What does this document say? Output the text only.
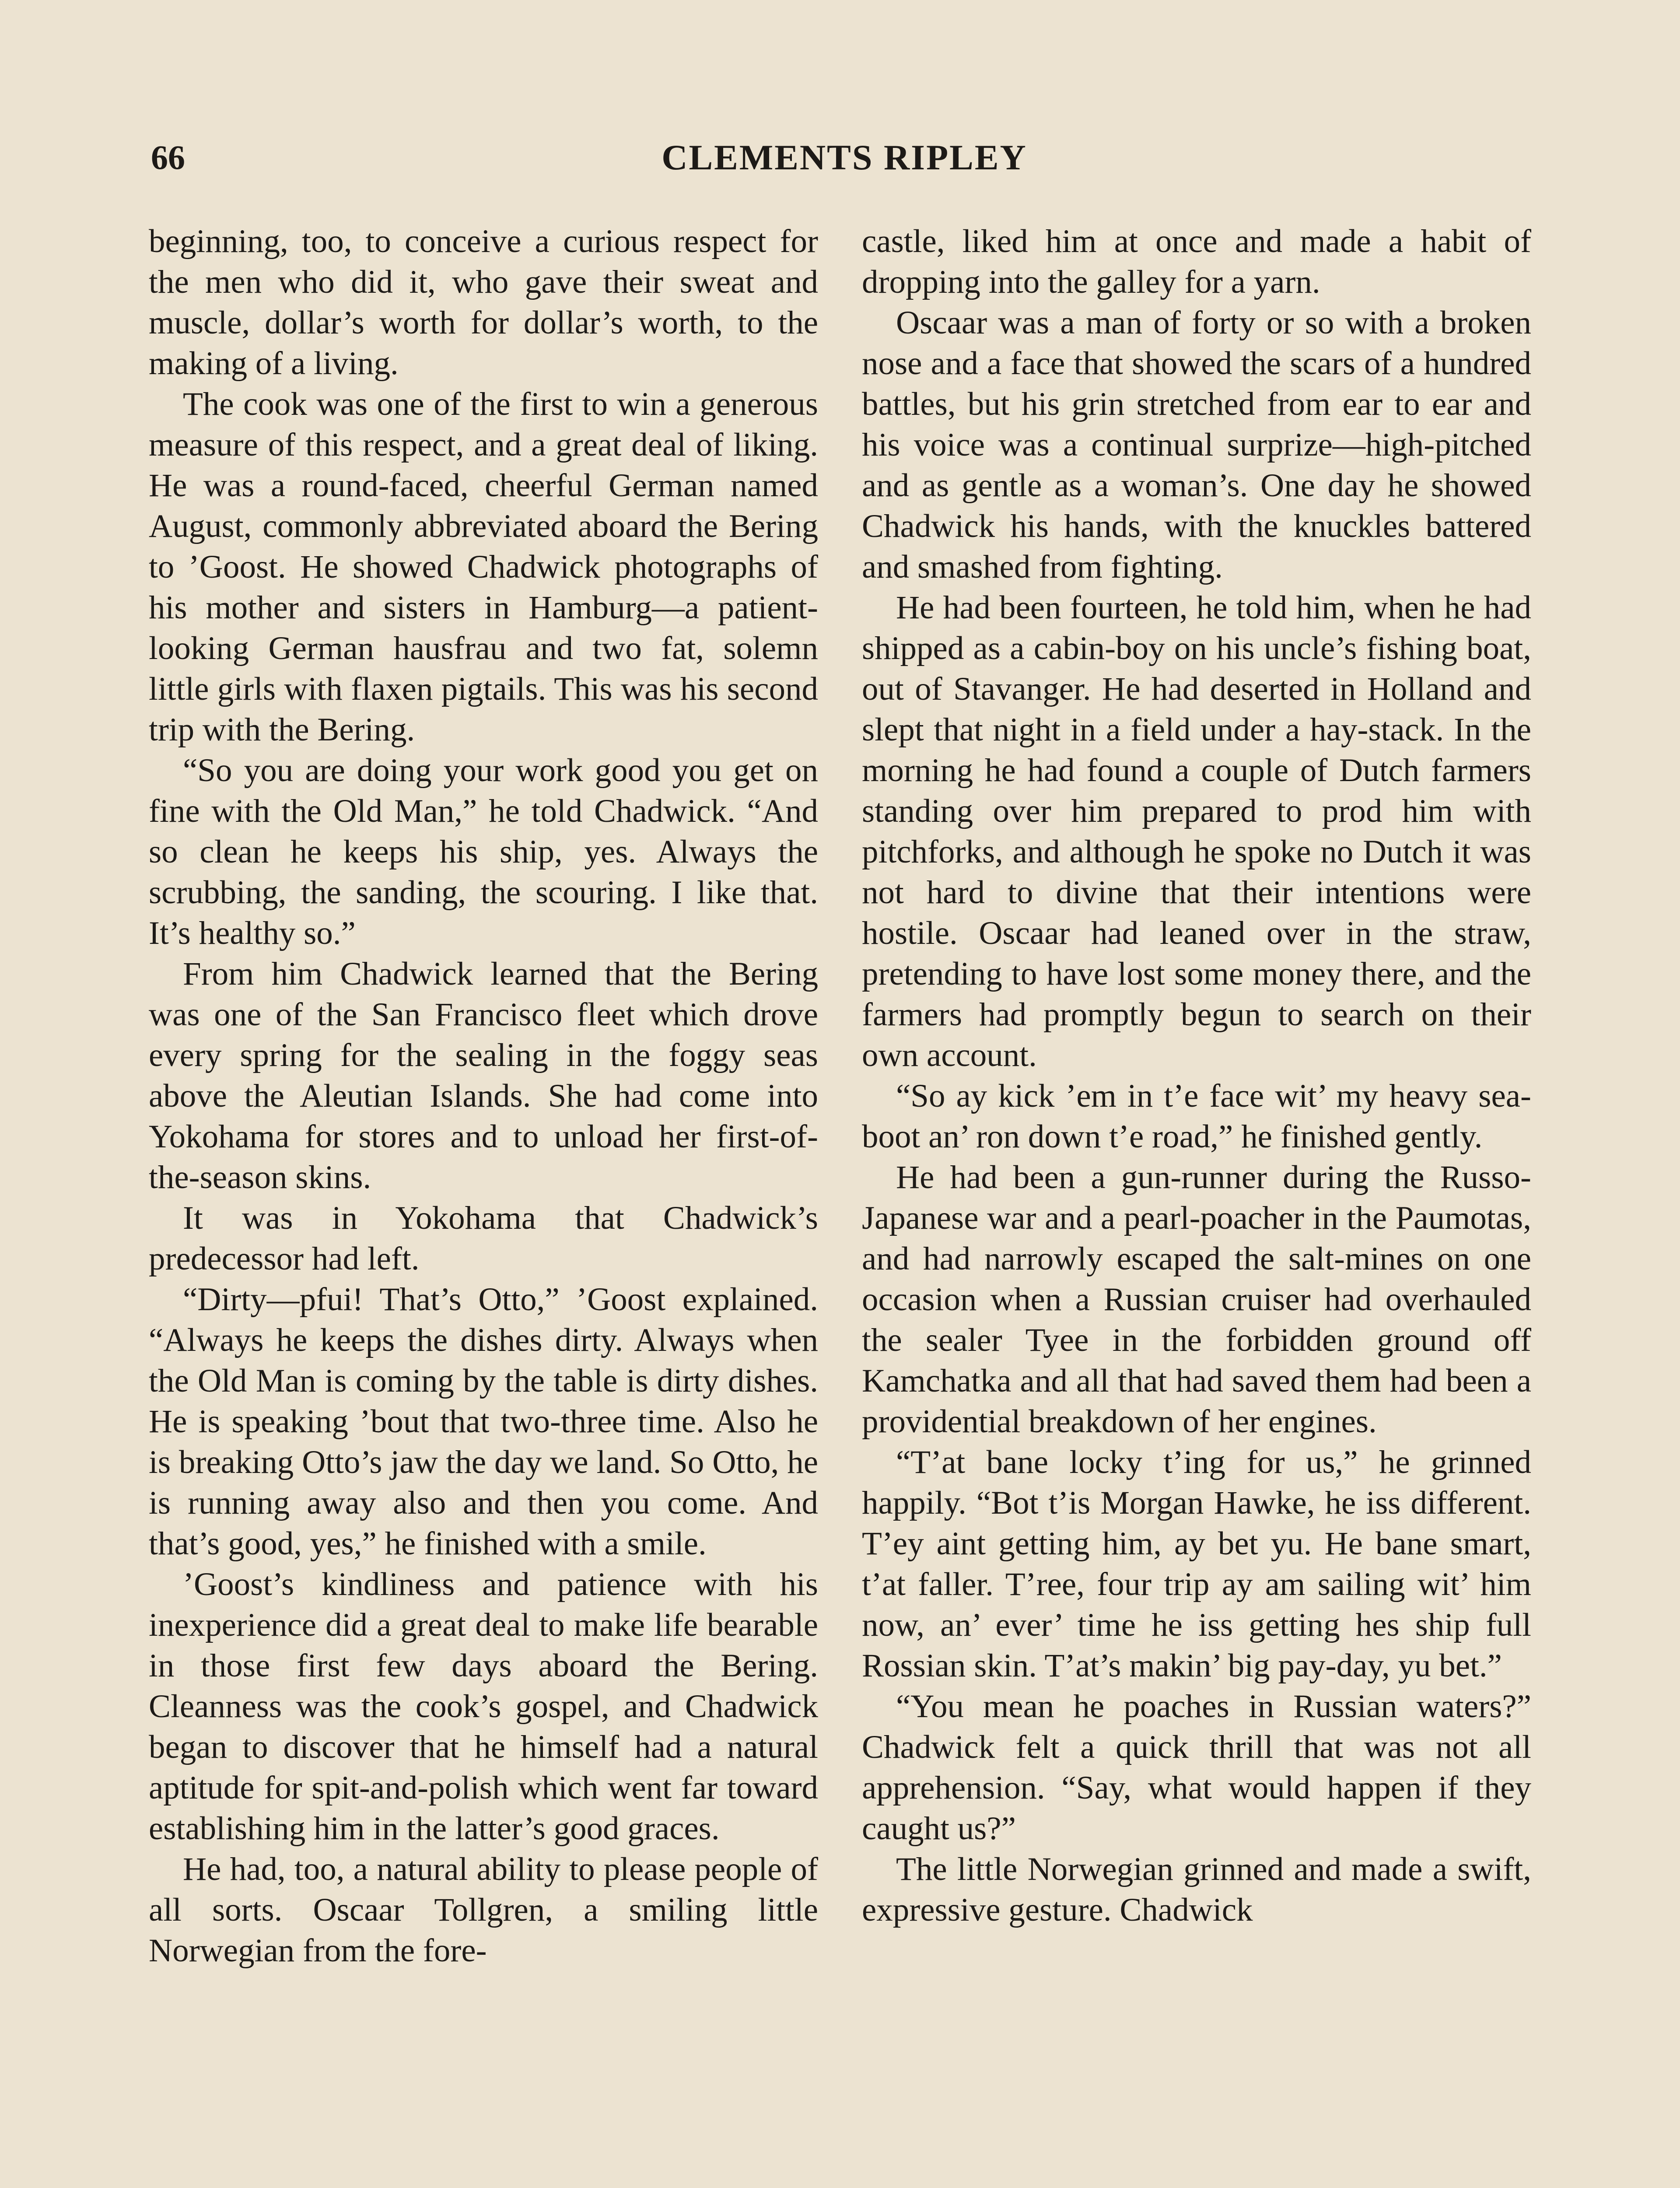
66	CLEMENTS RIPLEY

beginning, too, to conceive a curious respect for the men who did it, who gave their sweat and muscle, dollar’s worth for dollar’s worth, to the making of a living.

The cook was one of the first to win a generous measure of this respect, and a great deal of liking. He was a round-faced, cheerful German named August, commonly abbreviated aboard the Bering to ’Goost. He showed Chadwick photographs of his mother and sisters in Hamburg—a patient-looking German hausfrau and two fat, solemn little girls with flaxen pigtails. This was his second trip with the Bering.

“So you are doing your work good you get on fine with the Old Man,” he told Chadwick. “And so clean he keeps his ship, yes. Always the scrubbing, the sanding, the scouring. I like that. It’s healthy so.”

From him Chadwick learned that the Bering was one of the San Francisco fleet which drove every spring for the sealing in the foggy seas above the Aleutian Islands. She had come into Yokohama for stores and to unload her first-of-the-season skins.

It was in Yokohama that Chadwick’s predecessor had left.

“Dirty—pfui! That’s Otto,” ’Goost explained. “Always he keeps the dishes dirty. Always when the Old Man is coming by the table is dirty dishes. He is speaking ’bout that two-three time. Also he is breaking Otto’s jaw the day we land. So Otto, he is running away also and then you come. And that’s good, yes,” he finished with a smile.

’Goost’s kindliness and patience with his inexperience did a great deal to make life bearable in those first few days aboard the Bering. Cleanness was the cook’s gospel, and Chadwick began to discover that he himself had a natural aptitude for spit-and-polish which went far toward establishing him in the latter’s good graces.

He had, too, a natural ability to please people of all sorts. Oscaar Tollgren, a smiling little Norwegian from the fore-

castle, liked him at once and made a habit of dropping into the galley for a yarn.

Oscaar was a man of forty or so with a broken nose and a face that showed the scars of a hundred battles, but his grin stretched from ear to ear and his voice was a continual surprize—high-pitched and as gentle as a woman’s. One day he showed Chadwick his hands, with the knuckles battered and smashed from fighting.

He had been fourteen, he told him, when he had shipped as a cabin-boy on his uncle’s fishing boat, out of Stavanger. He had deserted in Holland and slept that night in a field under a hay-stack. In the morning he had found a couple of Dutch farmers standing over him prepared to prod him with pitchforks, and although he spoke no Dutch it was not hard to divine that their intentions were hostile. Oscaar had leaned over in the straw, pretending to have lost some money there, and the farmers had promptly begun to search on their own account.

“So ay kick ’em in t’e face wit’ my heavy sea-boot an’ ron down t’e road,” he finished gently.

He had been a gun-runner during the Russo-Japanese war and a pearl-poacher in the Paumotas, and had narrowly escaped the salt-mines on one occasion when a Russian cruiser had overhauled the sealer Tyee in the forbidden ground off Kamchatka and all that had saved them had been a providential breakdown of her engines.

“T’at bane locky t’ing for us,” he grinned happily. “Bot t’is Morgan Hawke, he iss different. T’ey aint getting him, ay bet yu. He bane smart, t’at faller. T’ree, four trip ay am sailing wit’ him now, an’ ever’ time he iss getting hes ship full Rossian skin. T’at’s makin’ big pay-day, yu bet.”

“You mean he poaches in Russian waters?” Chadwick felt a quick thrill that was not all apprehension. “Say, what would happen if they caught us?”

The little Norwegian grinned and made a swift, expressive gesture. Chadwick
